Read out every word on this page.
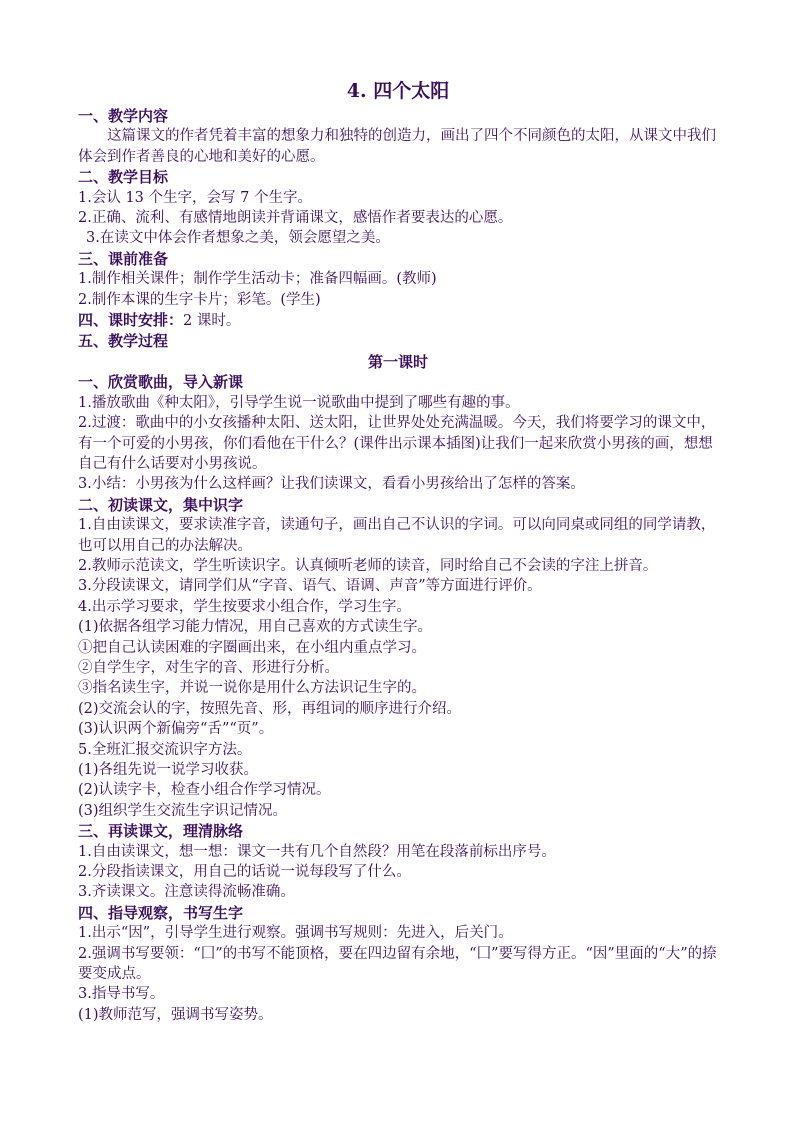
4. 四个太阳
一、教学内容
这篇课文的作者凭着丰富的想象力和独特的创造力，画出了四个不同颜色的太阳，从课文中我们体会到作者善良的心地和美好的心愿。
二、教学目标
1.会认 13 个生字，会写 7 个生字。
2.正确、流利、有感情地朗读并背诵课文，感悟作者要表达的心愿。
3.在读文中体会作者想象之美，领会愿望之美。
三、课前准备
1.制作相关课件；制作学生活动卡；准备四幅画。(教师)
2.制作本课的生字卡片；彩笔。(学生)
四、课时安排：2 课时。
五、教学过程
第一课时
一、欣赏歌曲，导入新课
1.播放歌曲《种太阳》，引导学生说一说歌曲中提到了哪些有趣的事。
2.过渡：歌曲中的小女孩播种太阳、送太阳，让世界处处充满温暖。今天，我们将要学习的课文中，有一个可爱的小男孩，你们看他在干什么？(课件出示课本插图)让我们一起来欣赏小男孩的画，想想自己有什么话要对小男孩说。
3.小结：小男孩为什么这样画？让我们读课文，看看小男孩给出了怎样的答案。
二、初读课文，集中识字
1.自由读课文，要求读准字音，读通句子，画出自己不认识的字词。可以向同桌或同组的同学请教，也可以用自己的办法解决。
2.教师示范读文，学生听读识字。认真倾听老师的读音，同时给自己不会读的字注上拼音。
3.分段读课文，请同学们从“字音、语气、语调、声音”等方面进行评价。
4.出示学习要求，学生按要求小组合作，学习生字。
(1)依据各组学习能力情况，用自己喜欢的方式读生字。
①把自己认读困难的字圈画出来，在小组内重点学习。
②自学生字，对生字的音、形进行分析。
③指名读生字，并说一说你是用什么方法识记生字的。
(2)交流会认的字，按照先音、形，再组词的顺序进行介绍。
(3)认识两个新偏旁“舌”“页”。
5.全班汇报交流识字方法。
(1)各组先说一说学习收获。
(2)认读字卡，检查小组合作学习情况。
(3)组织学生交流生字识记情况。
三、再读课文，理清脉络
1.自由读课文，想一想：课文一共有几个自然段？用笔在段落前标出序号。
2.分段指读课文，用自己的话说一说每段写了什么。
3.齐读课文。注意读得流畅准确。
四、指导观察，书写生字
1.出示“因”，引导学生进行观察。强调书写规则：先进入，后关门。
2.强调书写要领：“囗”的书写不能顶格，要在四边留有余地，“囗”要写得方正。“因”里面的“大”的捺要变成点。
3.指导书写。
(1)教师范写，强调书写姿势。
